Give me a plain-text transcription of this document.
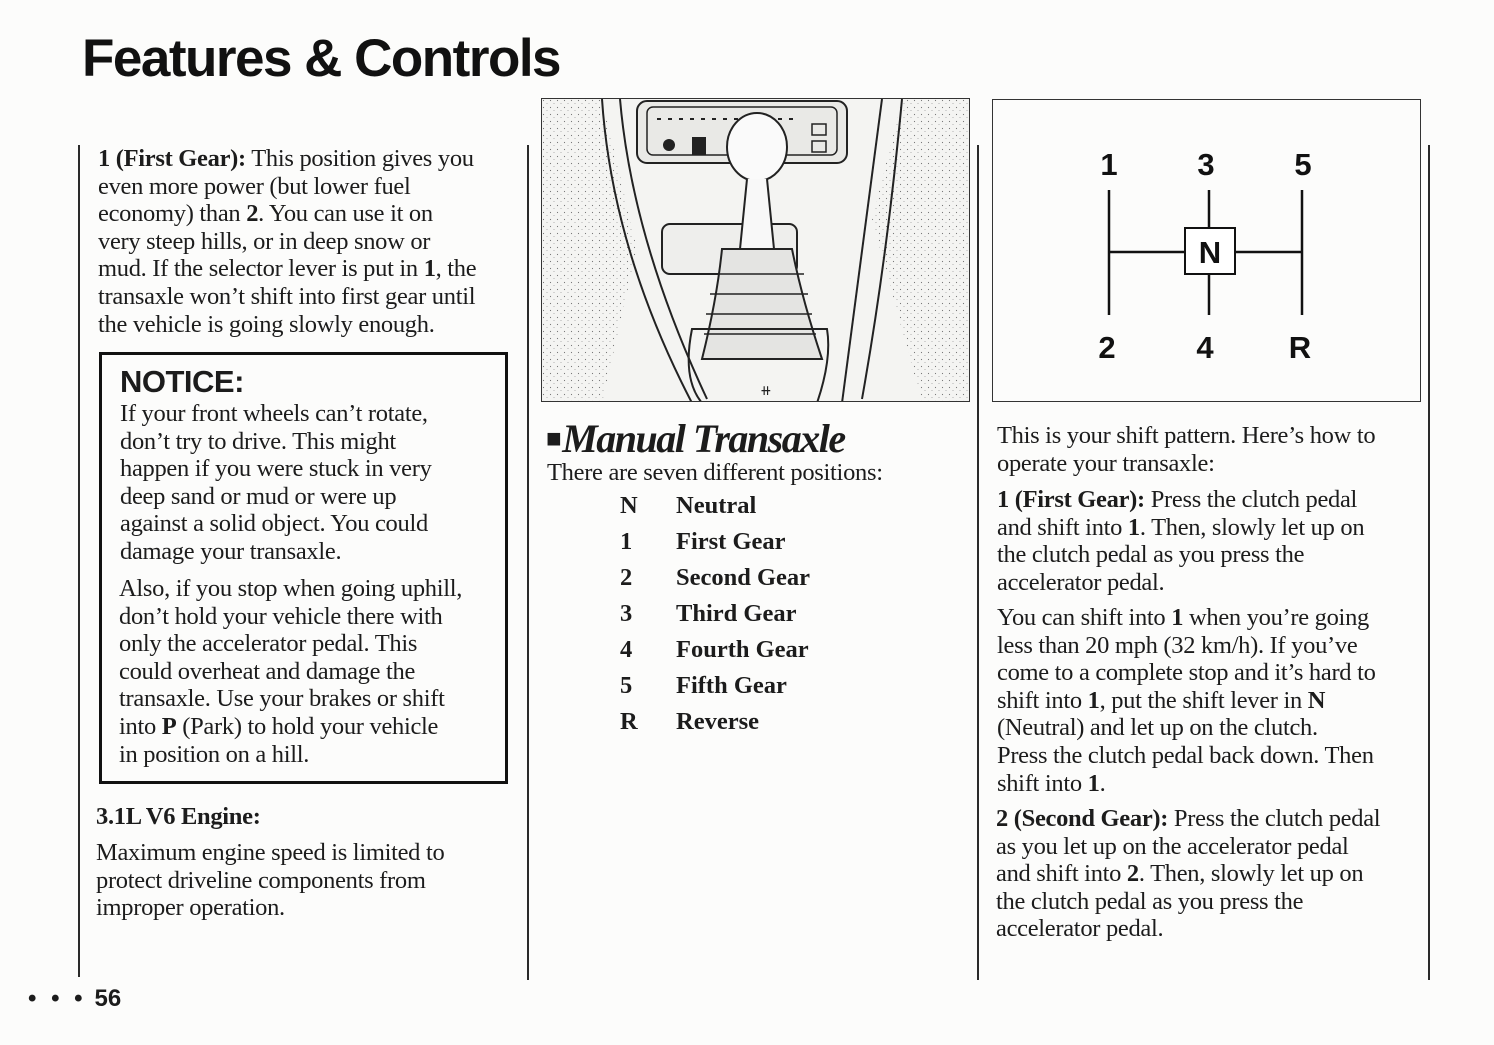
Features & Controls

1 (First Gear): This position gives you

even more power (but lower fuel

economy) than 2. You can use it on

very steep hills, or in deep snow or

mud. If the selector lever is put in 1, the

transaxle won’t shift into first gear until

the vehicle is going slowly enough.

NOTICE:

If your front wheels can’t rotate,

don’t try to drive. This might

happen if you were stuck in very

deep sand or mud or were up

against a solid object. You could

damage your transaxle.

Also, if you stop when going uphill,

don’t hold your vehicle there with

only the accelerator pedal. This

could overheat and damage the

transaxle. Use your brakes or shift

into P (Park) to hold your vehicle

in position on a hill.

3.1L V6 Engine:

Maximum engine speed is limited to

protect driveline components from

improper operation.

• • • 56
⧺
■Manual Transaxle
There are seven different positions:
N	Neutral
1	First Gear
2	Second Gear
3	Third Gear
4	Fourth Gear
5	Fifth Gear
R	Reverse
1	3	5
2	4 R
N

This is your shift pattern. Here’s how to

operate your transaxle:

1 (First Gear): Press the clutch pedal

and shift into 1. Then, slowly let up on

the clutch pedal as you press the

accelerator pedal.

You can shift into 1 when you’re going

less than 20 mph (32 km/h). If you’ve

come to a complete stop and it’s hard to

shift into 1, put the shift lever in N

(Neutral) and let up on the clutch.

Press the clutch pedal back down. Then

shift into 1.

2 (Second Gear): Press the clutch pedal

as you let up on the accelerator pedal

and shift into 2. Then, slowly let up on

the clutch pedal as you press the

accelerator pedal.
